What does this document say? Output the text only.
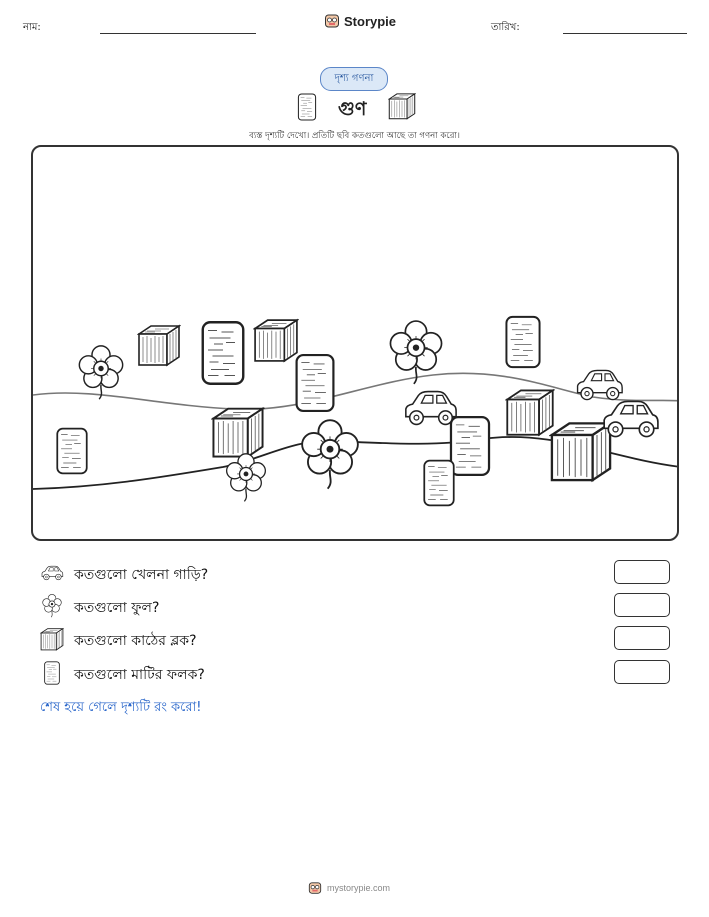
নাম:	Storypie	তারিখ:
দৃশ্য গণনা
গুণ
ব্যস্ত দৃশ্যটি দেখো। প্রতিটি ছবি কতগুলো আছে তা গণনা করো।
কতগুলো খেলনা গাড়ি?
কতগুলো ফুল?
কতগুলো কাঠের ব্লক?
কতগুলো মাটির ফলক?
শেষ হয়ে গেলে দৃশ্যটি রং করো!
mystorypie.com
